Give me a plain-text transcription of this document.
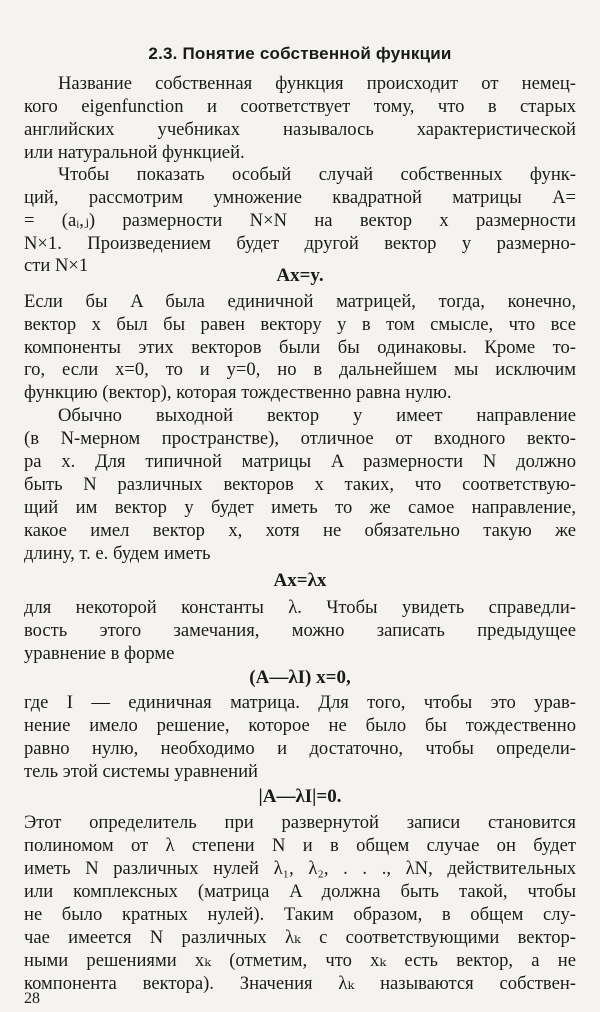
2.3. Понятие собственной функции
Название собственная функция происходит от немец-
кого eigenfunction и соответствует тому, что в старых
английских учебниках называлось характеристической
или натуральной функцией.
Чтобы показать особый случай собственных функ-
ций, рассмотрим умножение квадратной матрицы A=
= (aᵢ,ⱼ) размерности N×N на вектор x размерности
N×1. Произведением будет другой вектор y размерно-
сти N×1	Ax=y.
Если бы A была единичной матрицей, тогда, конечно,
вектор x был бы равен вектору y в том смысле, что все
компоненты этих векторов были бы одинаковы. Кроме то-
го, если x=0, то и y=0, но в дальнейшем мы исключим
функцию (вектор), которая тождественно равна нулю.
Обычно выходной вектор y имеет направление
(в N-мерном пространстве), отличное от входного векто-
ра x. Для типичной матрицы A размерности N должно
быть N различных векторов x таких, что соответствую-
щий им вектор y будет иметь то же самое направление,
какое имел вектор x, хотя не обязательно такую же
длину, т. е. будем иметь
Ax=λx
для некоторой константы λ. Чтобы увидеть справедли-
вость этого замечания, можно записать предыдущее
уравнение в форме
(A—λI) x=0,
где I — единичная матрица. Для того, чтобы это урав-
нение имело решение, которое не было бы тождественно
равно нулю, необходимо и достаточно, чтобы определи-
тель этой системы уравнений
|A—λI|=0.
Этот определитель при развернутой записи становится
полиномом от λ степени N и в общем случае он будет
иметь N различных нулей λ₁, λ₂, . . ., λN, действительных
или комплексных (матрица A должна быть такой, чтобы
не было кратных нулей). Таким образом, в общем слу-
чае имеется N различных λₖ с соответствующими вектор-
ными решениями xₖ (отметим, что xₖ есть вектор, а не
компонента вектора). Значения λₖ называются собствен-
28
